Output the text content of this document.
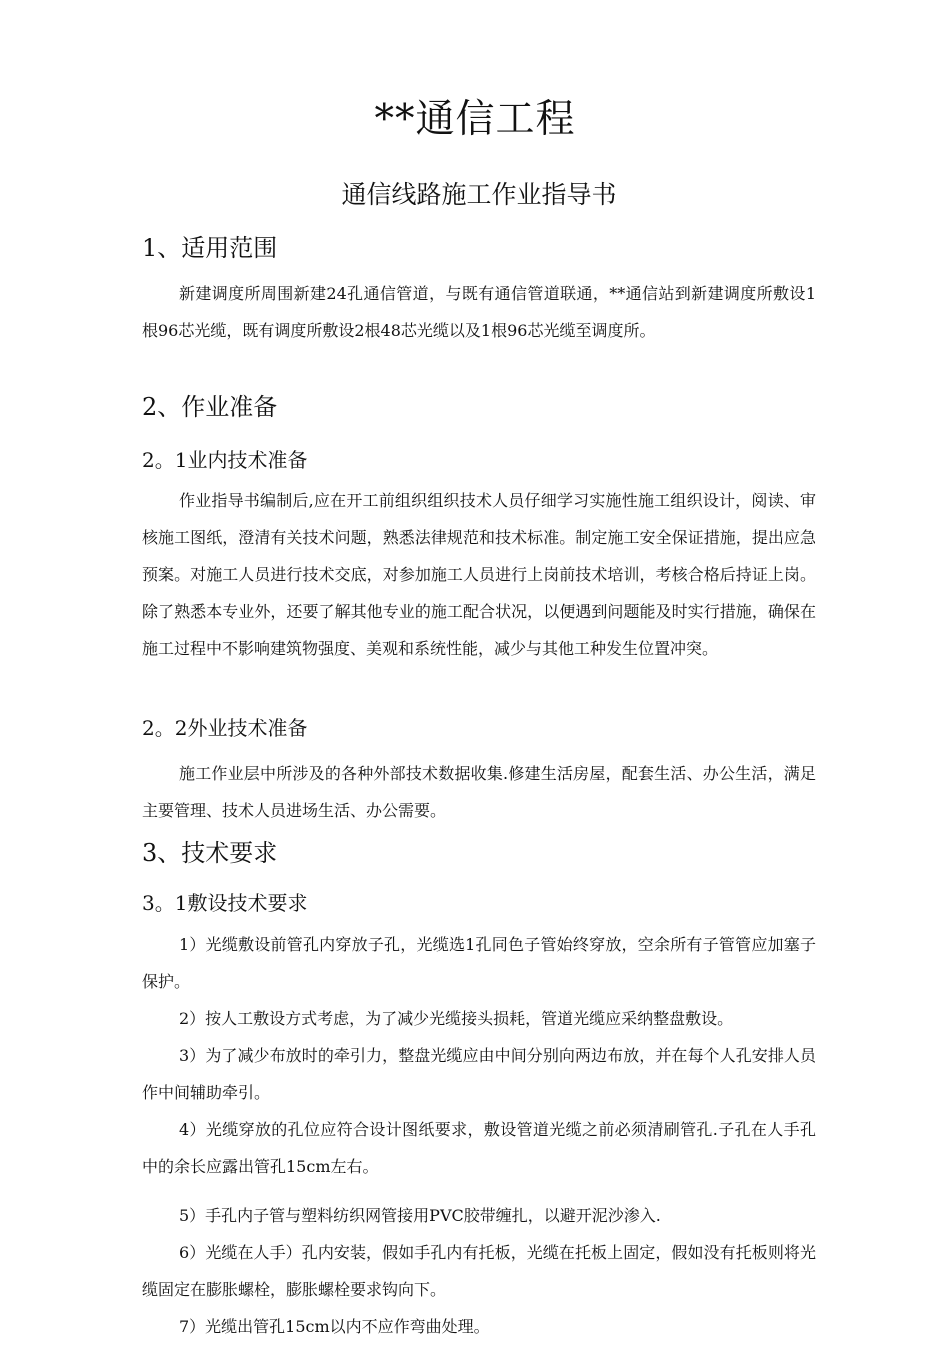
**通信工程
通信线路施工作业指导书
1、适用范围

新建调度所周围新建24孔通信管道，与既有通信管道联通，**通信站到新建调度所敷设1根96芯光缆，既有调度所敷设2根48芯光缆以及1根96芯光缆至调度所。

2、作业准备
2。1业内技术准备

作业指导书编制后,应在开工前组织组织技术人员仔细学习实施性施工组织设计，阅读、审核施工图纸，澄清有关技术问题，熟悉法律规范和技术标准。制定施工安全保证措施，提出应急预案。对施工人员进行技术交底，对参加施工人员进行上岗前技术培训，考核合格后持证上岗。除了熟悉本专业外，还要了解其他专业的施工配合状况，以便遇到问题能及时实行措施，确保在施工过程中不影响建筑物强度、美观和系统性能，减少与其他工种发生位置冲突。

2。2外业技术准备

施工作业层中所涉及的各种外部技术数据收集.修建生活房屋，配套生活、办公生活，满足主要管理、技术人员进场生活、办公需要。

3、技术要求
3。1敷设技术要求

1）光缆敷设前管孔内穿放子孔，光缆选1孔同色子管始终穿放，空余所有子管管应加塞子保护。

2）按人工敷设方式考虑，为了减少光缆接头损耗，管道光缆应采纳整盘敷设。

3）为了减少布放时的牵引力，整盘光缆应由中间分别向两边布放，并在每个人孔安排人员作中间辅助牵引。

4）光缆穿放的孔位应符合设计图纸要求，敷设管道光缆之前必须清刷管孔.子孔在人手孔中的余长应露出管孔15cm左右。

5）手孔内子管与塑料纺织网管接用PVC胶带缠扎，以避开泥沙渗入.

6）光缆在人手）孔内安装，假如手孔内有托板，光缆在托板上固定，假如没有托板则将光缆固定在膨胀螺栓，膨胀螺栓要求钩向下。

7）光缆出管孔15cm以内不应作弯曲处理。
